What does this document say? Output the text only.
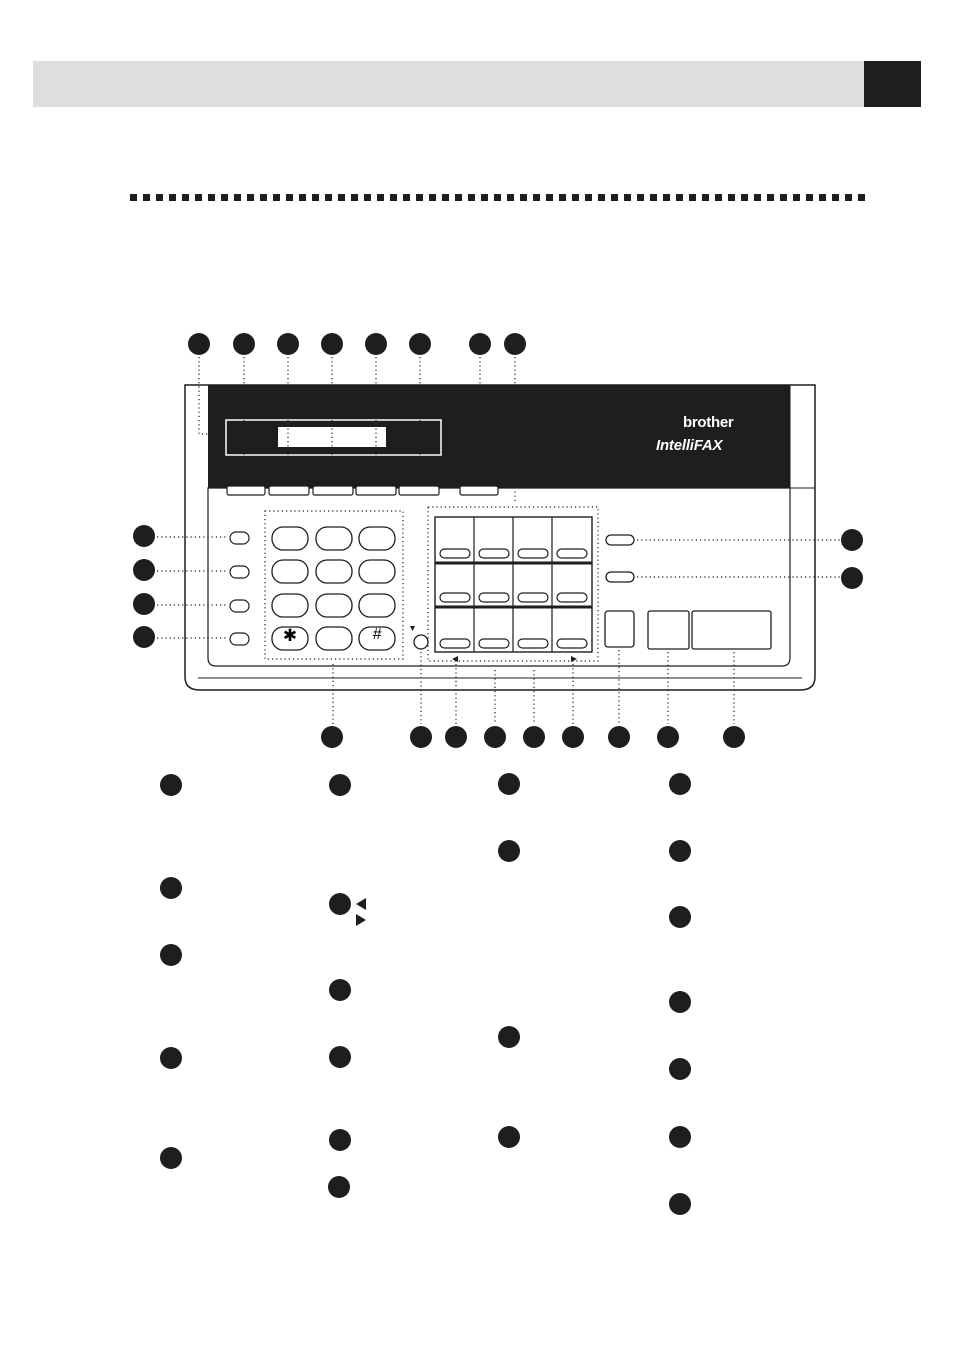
brother
IntelliFAX
✱	#
